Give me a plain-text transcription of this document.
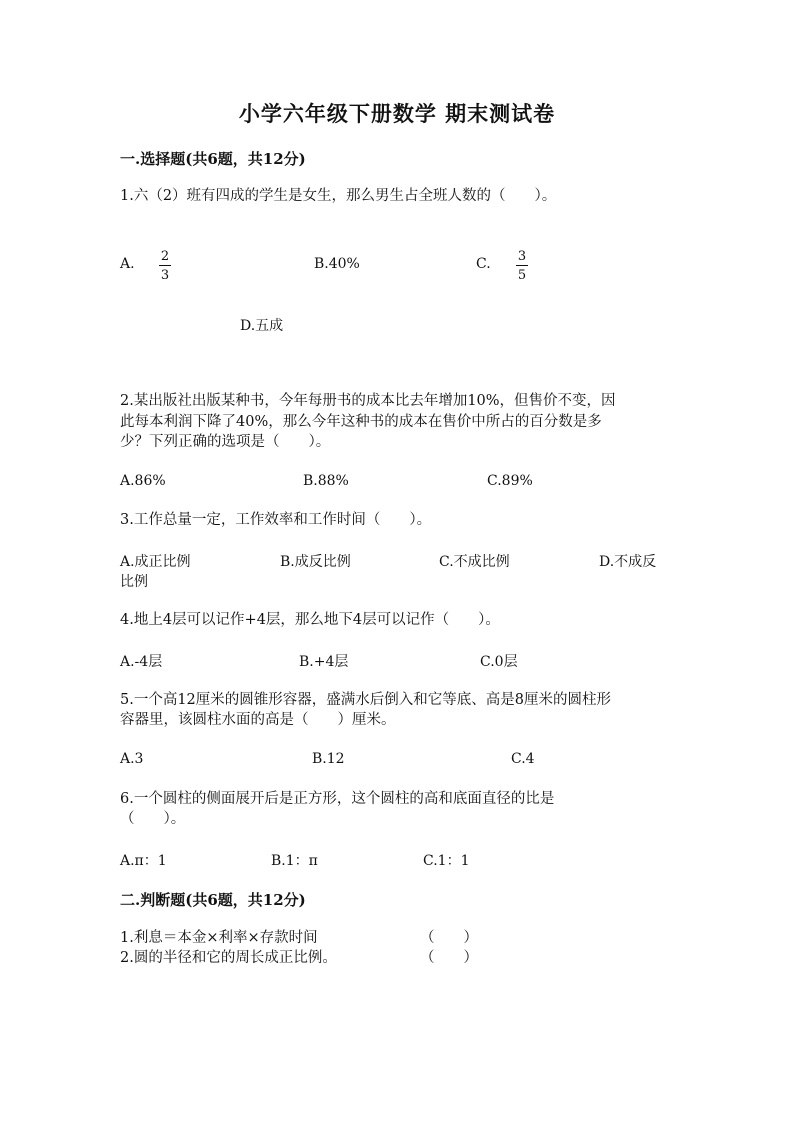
小学六年级下册数学 期末测试卷
一.选择题(共6题，共12分)
1.六（2）班有四成的学生是女生，那么男生占全班人数的（　　）。
A. 2
3
B.40%	C. 3
5
D.五成
2.某出版社出版某种书，今年每册书的成本比去年增加10%，但售价不变，因
此每本利润下降了40%，那么今年这种书的成本在售价中所占的百分数是多
少？下列正确的选项是（　　）。
A.86%	B.88%	C.89%
3.工作总量一定，工作效率和工作时间（　　）。
A.成正比例	B.成反比例	C.不成比例	D.不成反
比例
4.地上4层可以记作+4层，那么地下4层可以记作（　　）。
A.-4层	B.+4层	C.0层
5.一个高12厘米的圆锥形容器，盛满水后倒入和它等底、高是8厘米的圆柱形
容器里，该圆柱水面的高是（　　）厘米。
A.3	B.12	C.4
6.一个圆柱的侧面展开后是正方形，这个圆柱的高和底面直径的比是
（　　）。
A.π：1	B.1：π	C.1：1
二.判断题(共6题，共12分)
1.利息＝本金×利率×存款时间	（　　）
2.圆的半径和它的周长成正比例。	（　　）
